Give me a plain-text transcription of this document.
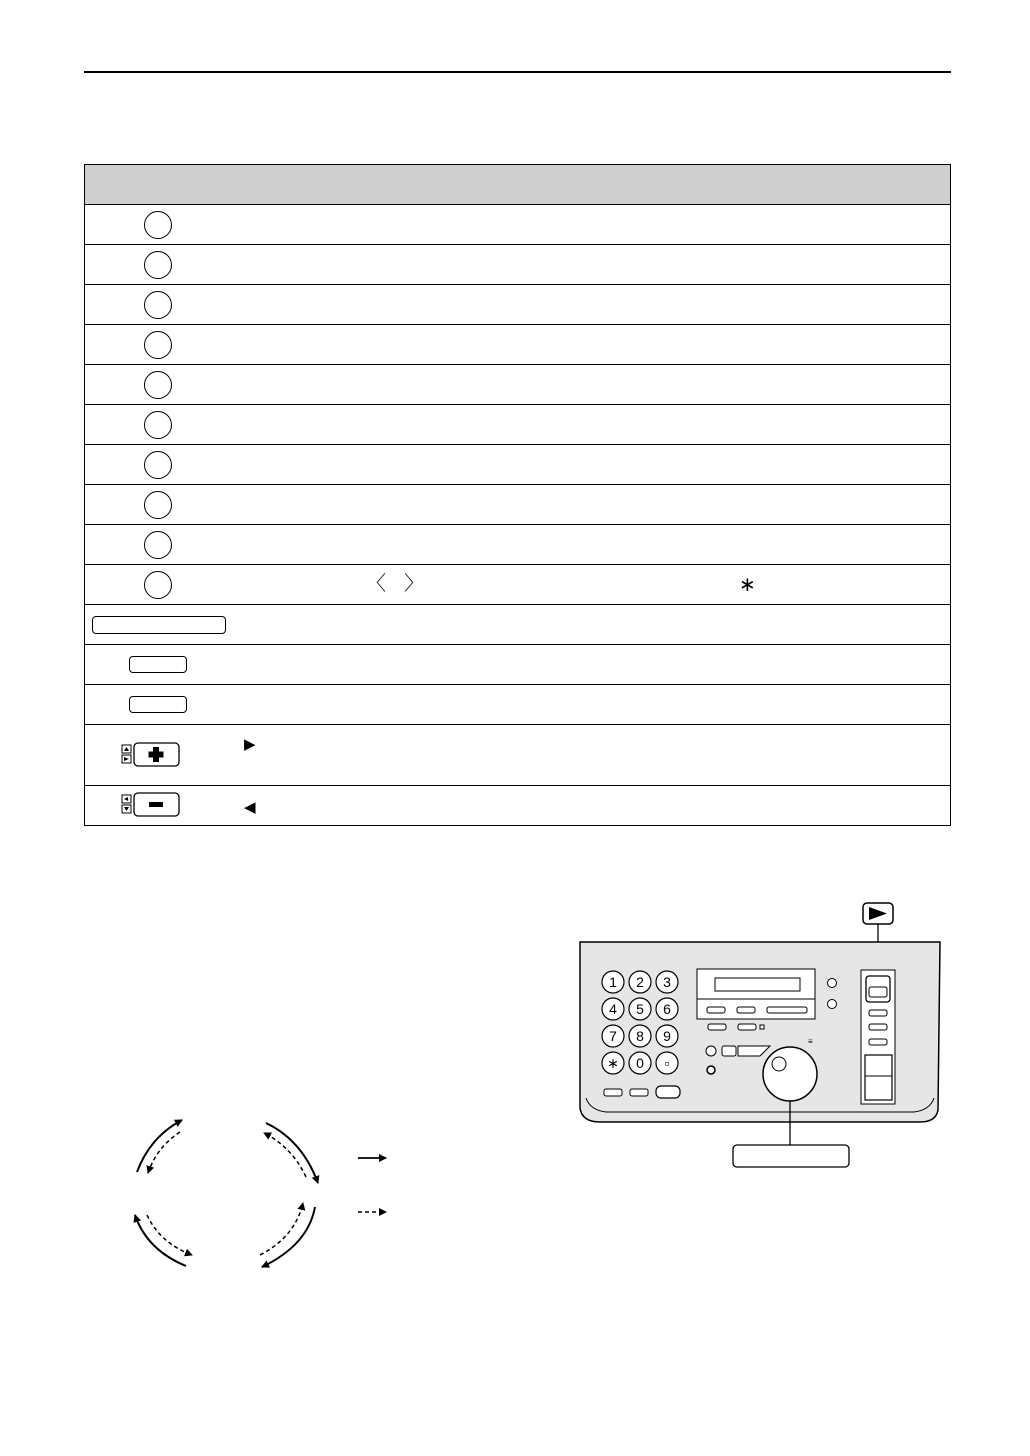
〈 〉	∗
▶
◀
1 2 3
4 5 6
7 8 9
∗ 0 ▫
≡
